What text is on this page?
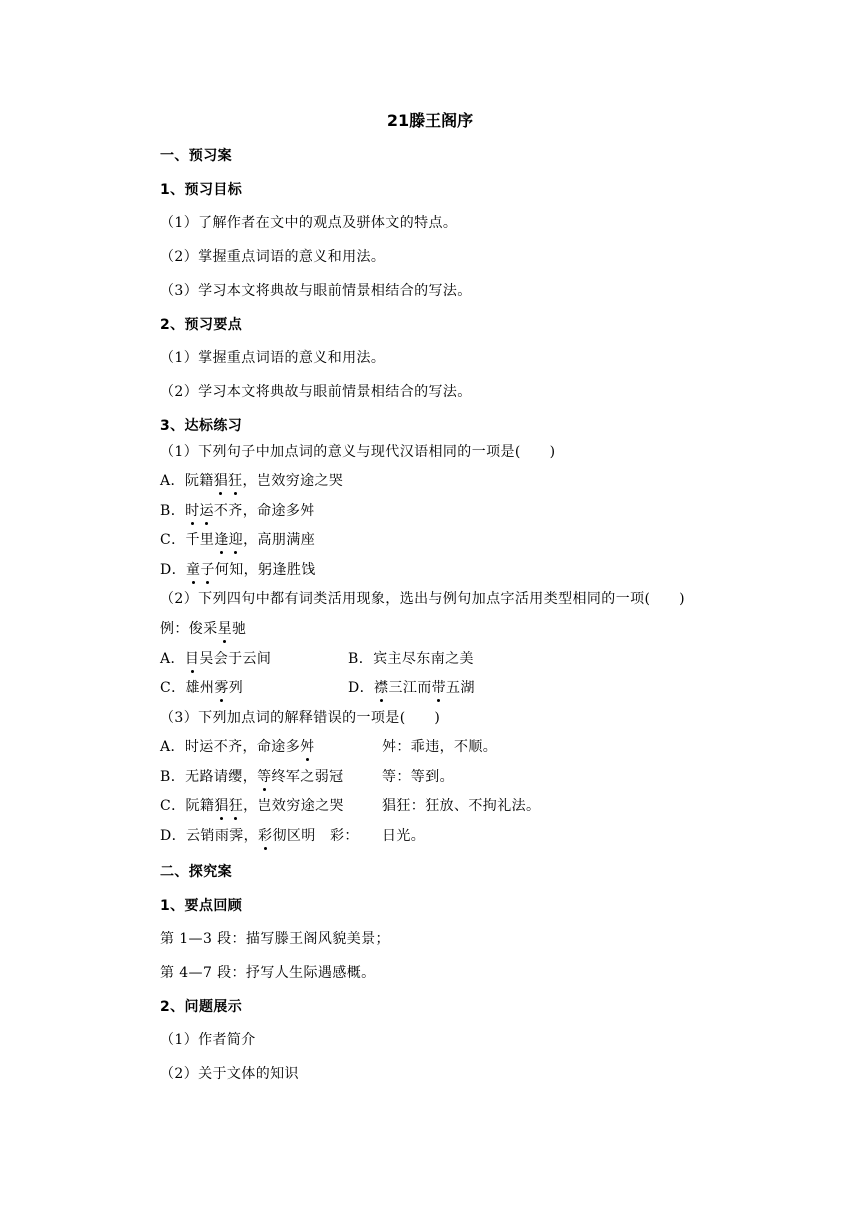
21滕王阁序
一、预习案
1、预习目标
（1）了解作者在文中的观点及骈体文的特点。
（2）掌握重点词语的意义和用法。
（3）学习本文将典故与眼前情景相结合的写法。
2、预习要点
（1）掌握重点词语的意义和用法。
（2）学习本文将典故与眼前情景相结合的写法。
3、达标练习
（1）下列句子中加点词的意义与现代汉语相同的一项是(　　)
A．阮籍猖狂，岂效穷途之哭
B．时运不齐，命途多舛
C．千里逢迎，高朋满座
D．童子何知，躬逢胜饯
（2）下列四句中都有词类活用现象，选出与例句加点字活用类型相同的一项(　　)
例：俊采星驰
A．目吴会于云间	B．宾主尽东南之美
C．雄州雾列	D．襟三江而带五湖
（3）下列加点词的解释错误的一项是(　　)
A．时运不齐，命途多舛	舛：乖违，不顺。
B．无路请缨，等终军之弱冠	等：等到。
C．阮籍猖狂，岂效穷途之哭	猖狂：狂放、不拘礼法。
D．云销雨霁，彩彻区明　彩： 日光。
二、探究案
1、要点回顾
第 1—3 段：描写滕王阁风貌美景；
第 4—7 段：抒写人生际遇感概。
2、问题展示
（1）作者简介
（2）关于文体的知识
